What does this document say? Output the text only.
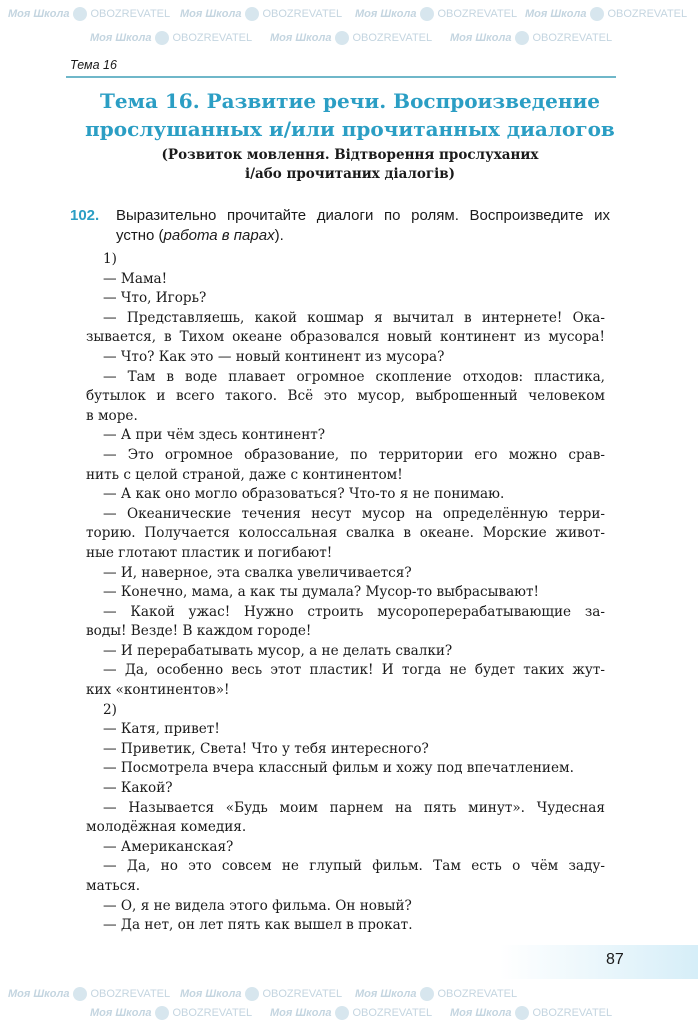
Моя Школа OBOZREVATEL Моя Школа OBOZREVATEL Моя Школа OBOZREVATEL Моя Школа OBOZREVATEL
Моя Школа OBOZREVATEL Моя Школа OBOZREVATEL Моя Школа OBOZREVATEL
Моя Школа OBOZREVATEL Моя Школа OBOZREVATEL Моя Школа OBOZREVATEL
Моя Школа OBOZREVATEL Моя Школа OBOZREVATEL Моя Школа OBOZREVATEL
Тема 16
Тема 16. Развитие речи. Воспроизведение
прослушанных и/или прочитанных диалогов
(Розвиток мовлення. Відтворення прослуханих
і/або прочитаних діалогів)
102. Выразительно прочитайте диалоги по ролям. Воспроизведите их устно (работа в парах).
1)
— Мама!
— Что, Игорь?
— Представляешь, какой кошмар я вычитал в интернете! Ока-
зывается, в Тихом океане образовался новый континент из мусора!
— Что? Как это — новый континент из мусора?
— Там в воде плавает огромное скопление отходов: пластика,
бутылок и всего такого. Всё это мусор, выброшенный человеком
в море.
— А при чём здесь континент?
— Это огромное образование, по территории его можно срав-
нить с целой страной, даже с континентом!
— А как оно могло образоваться? Что-то я не понимаю.
— Океанические течения несут мусор на определённую терри-
торию. Получается колоссальная свалка в океане. Морские живот-
ные глотают пластик и погибают!
— И, наверное, эта свалка увеличивается?
— Конечно, мама, а как ты думала? Мусор-то выбрасывают!
— Какой ужас! Нужно строить мусороперерабатывающие за-
воды! Везде! В каждом городе!
— И перерабатывать мусор, а не делать свалки?
— Да, особенно весь этот пластик! И тогда не будет таких жут-
ких «континентов»!
2)
— Катя, привет!
— Приветик, Света! Что у тебя интересного?
— Посмотрела вчера классный фильм и хожу под впечатлением.
— Какой?
— Называется «Будь моим парнем на пять минут». Чудесная
молодёжная комедия.
— Американская?
— Да, но это совсем не глупый фильм. Там есть о чём заду-
маться.
— О, я не видела этого фильма. Он новый?
— Да нет, он лет пять как вышел в прокат.
87
